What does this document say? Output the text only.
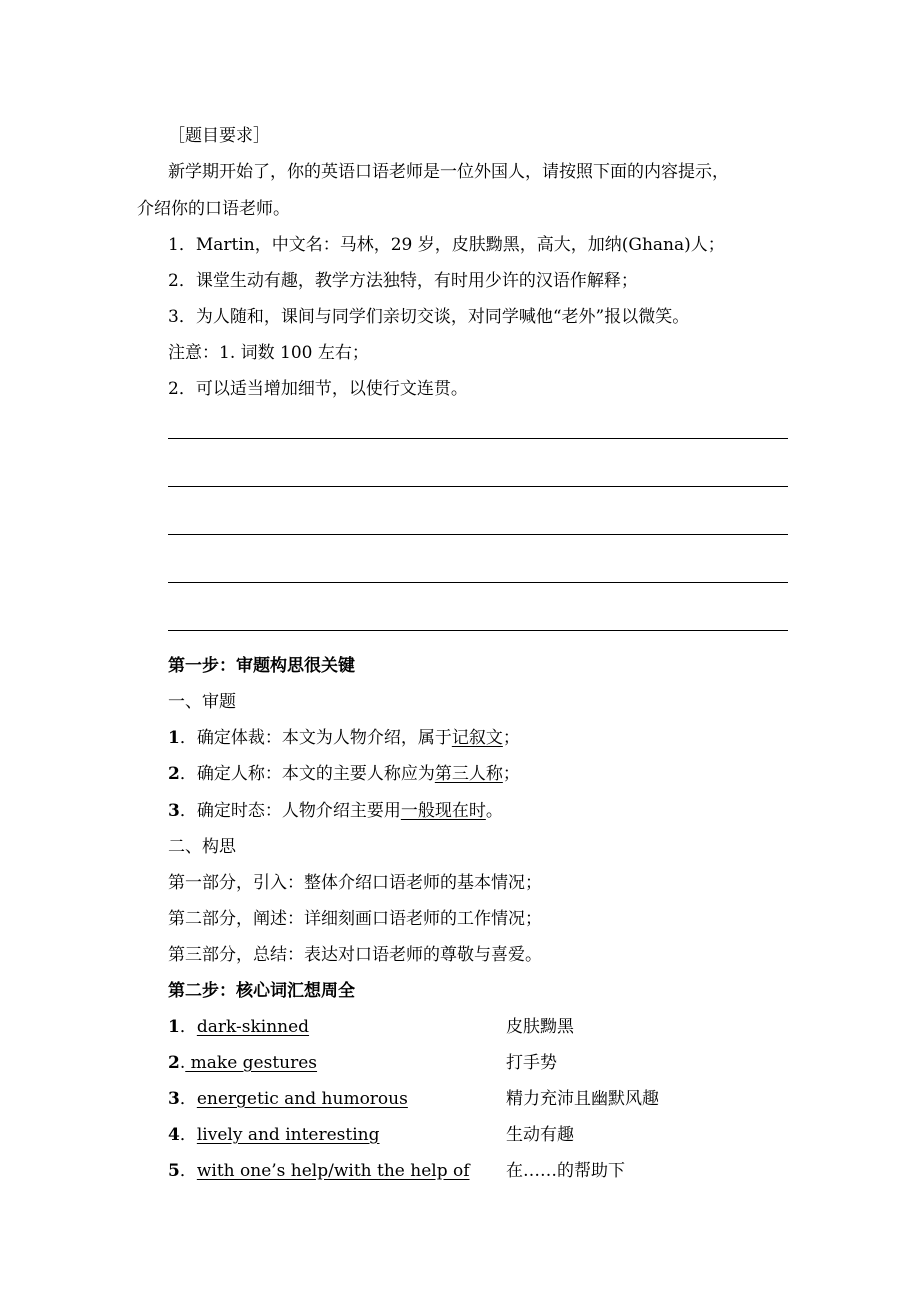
［题目要求］
新学期开始了，你的英语口语老师是一位外国人，请按照下面的内容提示，
介绍你的口语老师。
1．Martin，中文名：马林，29 岁，皮肤黝黑，高大，加纳(Ghana)人；
2．课堂生动有趣，教学方法独特，有时用少许的汉语作解释；
3．为人随和，课间与同学们亲切交谈，对同学喊他“老外”报以微笑。
注意：1. 词数 100 左右；
2．可以适当增加细节，以使行文连贯。
第一步：审题构思很关键
一、审题
1．确定体裁：本文为人物介绍，属于记叙文；
2．确定人称：本文的主要人称应为第三人称；
3．确定时态：人物介绍主要用一般现在时。
二、构思
第一部分，引入：整体介绍口语老师的基本情况；
第二部分，阐述：详细刻画口语老师的工作情况；
第三部分，总结：表达对口语老师的尊敬与喜爱。
第二步：核心词汇想周全
1．dark-skinned	皮肤黝黑
2. make gestures	打手势
3．energetic and humorous	精力充沛且幽默风趣
4．lively and interesting	生动有趣
5．with one’s help/with the help of 在……的帮助下
